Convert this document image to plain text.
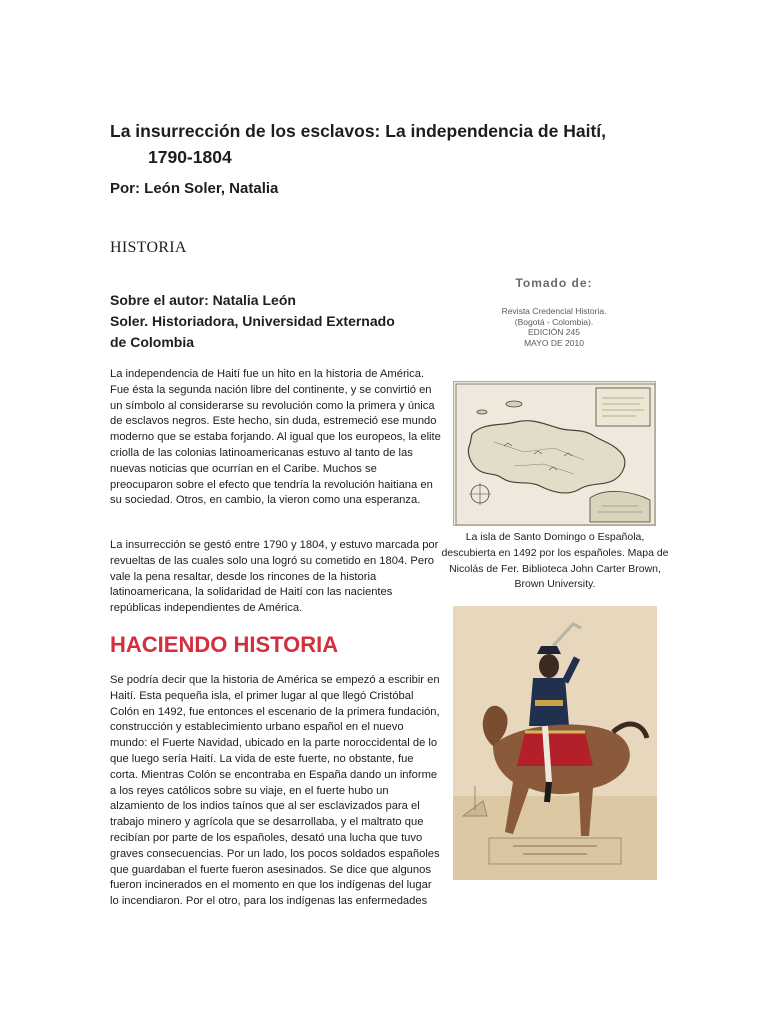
La insurrección de los esclavos: La independencia de Haití,
1790-1804

Por: León Soler, Natalia

HISTORIA

Sobre el autor: Natalia León
Soler. Historiadora, Universidad Externado
de Colombia

La independencia de Haití fue un hito en la historia de América. Fue ésta la segunda nación libre del continente, y se convirtió en un símbolo al considerarse su revolución como la primera y única de esclavos negros. Este hecho, sin duda, estremeció ese mundo moderno que se estaba forjando. Al igual que los europeos, la elite criolla de las colonias latinoamericanas estuvo al tanto de las nuevas noticias que ocurrían en el Caribe. Muchos se preocuparon sobre el efecto que tendría la revolución haitiana en su sociedad. Otros, en cambio, la vieron como una esperanza.

La insurrección se gestó entre 1790 y 1804, y estuvo marcada por revueltas de las cuales solo una logró su cometido en 1804. Pero vale la pena resaltar, desde los rincones de la historia latinoamericana, la solidaridad de Haití con las nacientes repúblicas independientes de América.

HACIENDO HISTORIA

Se podría decir que la historia de América se empezó a escribir en Haití. Esta pequeña isla, el primer lugar al que llegó Cristóbal Colón en 1492, fue entonces el escenario de la primera fundación, construcción y establecimiento urbano español en el nuevo mundo: el Fuerte Navidad, ubicado en la parte noroccidental de lo que luego sería Haití. La vida de este fuerte, no obstante, fue corta. Mientras Colón se encontraba en España dando un informe a los reyes católicos sobre su viaje, en el fuerte hubo un alzamiento de los indios taínos que al ser esclavizados para el trabajo minero y agrícola que se desarrollaba, y el maltrato que recibían por parte de los españoles, desató una lucha que tuvo graves consecuencias. Por un lado, los pocos soldados españoles que guardaban el fuerte fueron asesinados. Se dice que algunos fueron incinerados en el momento en que los indígenas del lugar lo incendiaron. Por el otro, para los indígenas las enfermedades

Tomado de:
Revista Credencial Historia.
(Bogotá - Colombia).
EDICIÓN 245
MAYO DE 2010
La isla de Santo Domingo o Española, descubierta en 1492 por los españoles. Mapa de Nicolás de Fer. Biblioteca John Carter Brown, Brown University.
